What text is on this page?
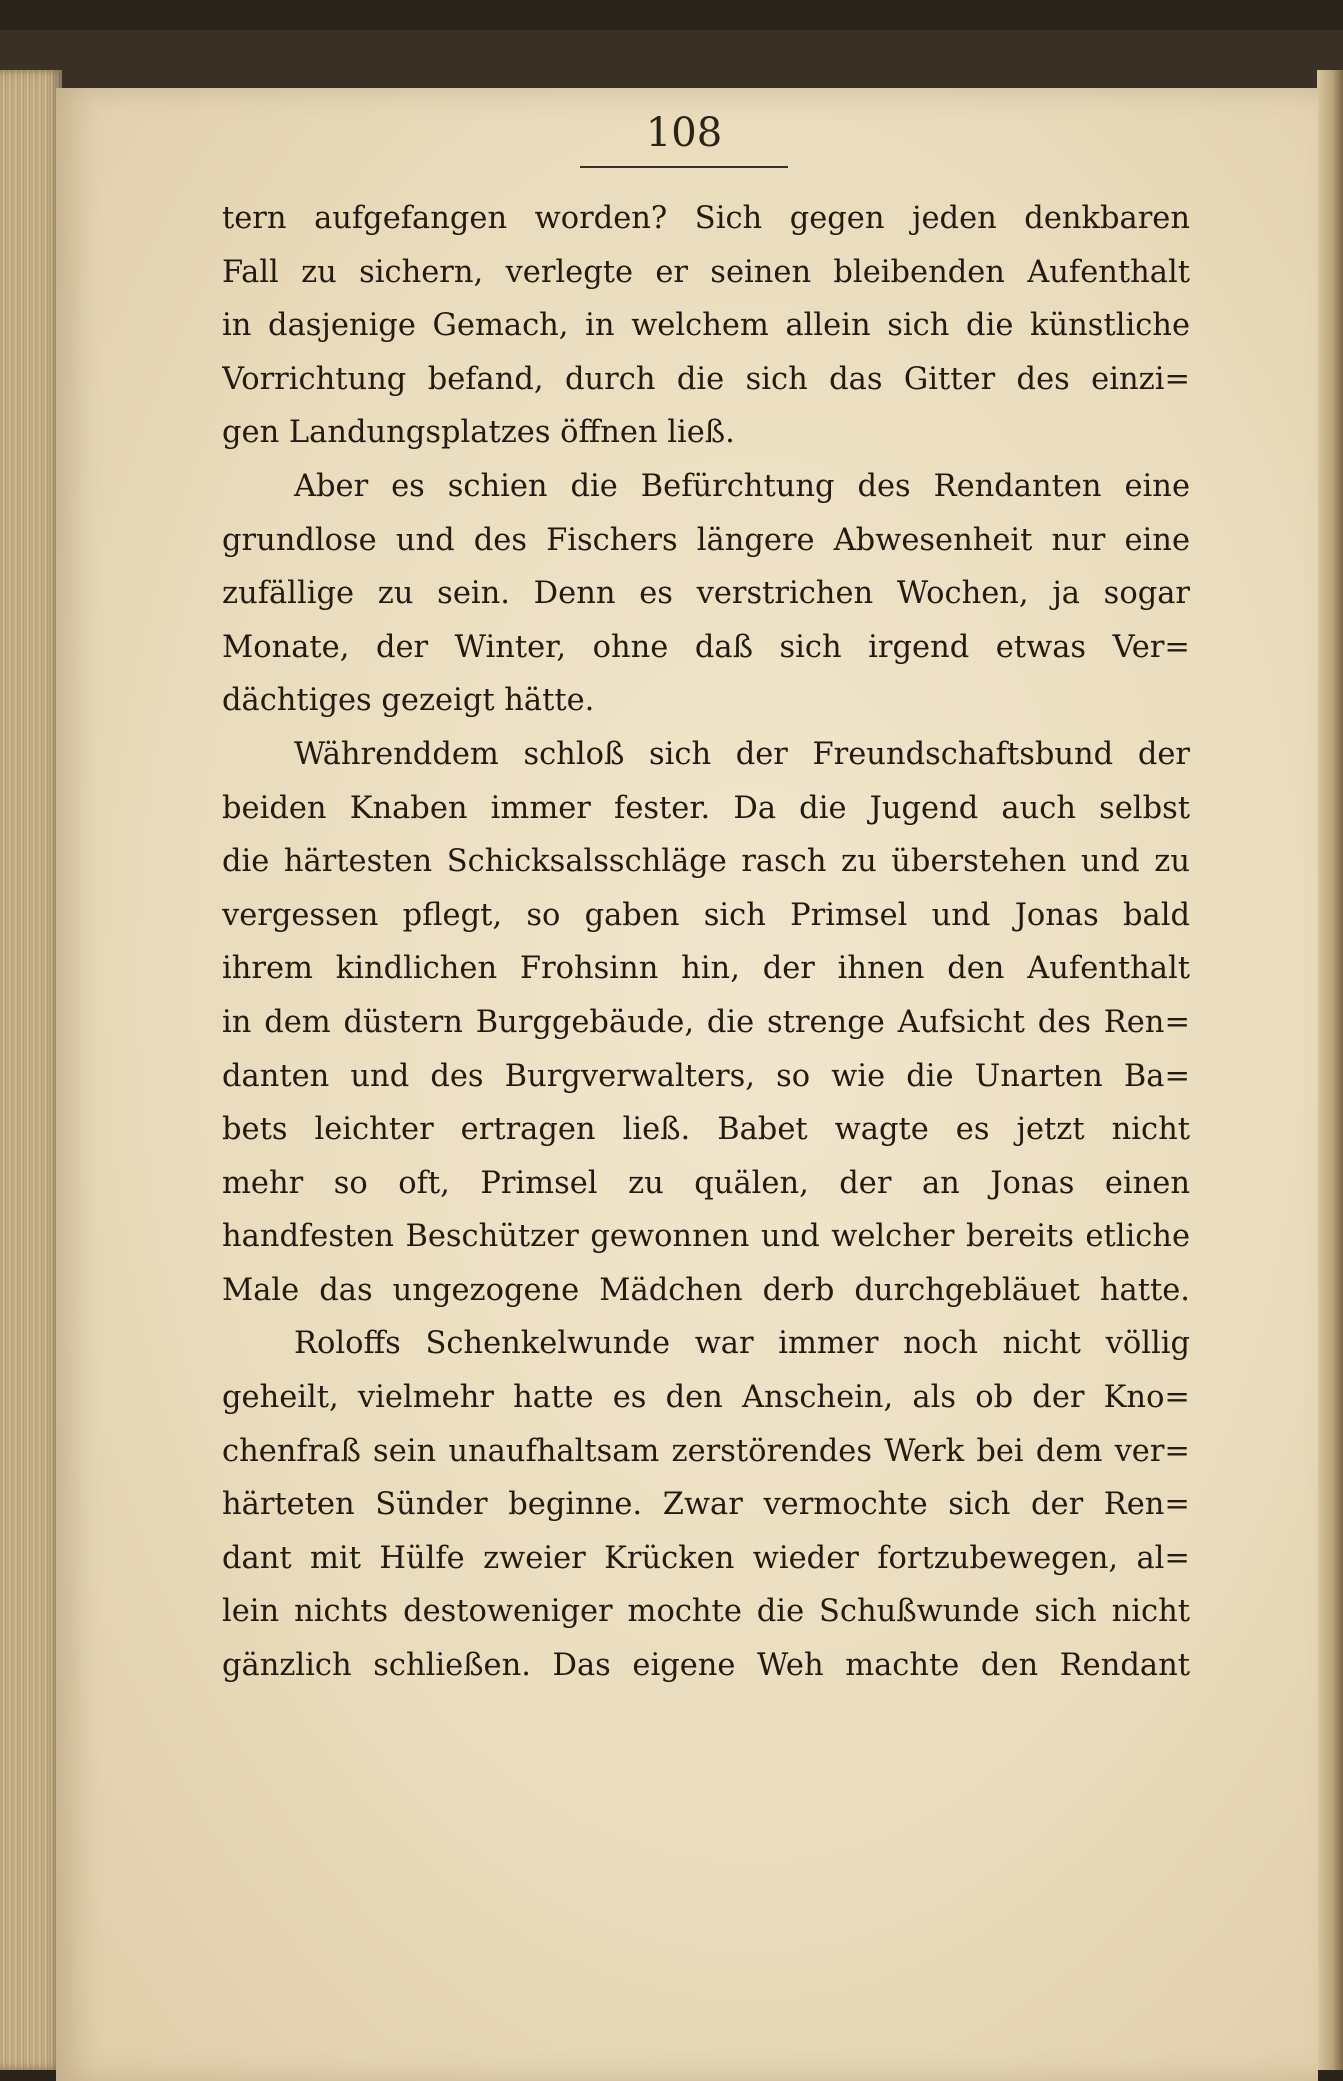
108
tern aufgefangen worden? Sich gegen jeden denkbaren
Fall zu sichern, verlegte er seinen bleibenden Aufenthalt
in dasjenige Gemach, in welchem allein sich die künstliche
Vorrichtung befand, durch die sich das Gitter des einzi=
gen Landungsplatzes öffnen ließ.
Aber es schien die Befürchtung des Rendanten eine
grundlose und des Fischers längere Abwesenheit nur eine
zufällige zu sein. Denn es verstrichen Wochen, ja sogar
Monate, der Winter, ohne daß sich irgend etwas Ver=
dächtiges gezeigt hätte.
Währenddem schloß sich der Freundschaftsbund der
beiden Knaben immer fester. Da die Jugend auch selbst
die härtesten Schicksalsschläge rasch zu überstehen und zu
vergessen pflegt, so gaben sich Primsel und Jonas bald
ihrem kindlichen Frohsinn hin, der ihnen den Aufenthalt
in dem düstern Burggebäude, die strenge Aufsicht des Ren=
danten und des Burgverwalters, so wie die Unarten Ba=
bets leichter ertragen ließ. Babet wagte es jetzt nicht
mehr so oft, Primsel zu quälen, der an Jonas einen
handfesten Beschützer gewonnen und welcher bereits etliche
Male das ungezogene Mädchen derb durchgebläuet hatte.
Roloffs Schenkelwunde war immer noch nicht völlig
geheilt, vielmehr hatte es den Anschein, als ob der Kno=
chenfraß sein unaufhaltsam zerstörendes Werk bei dem ver=
härteten Sünder beginne. Zwar vermochte sich der Ren=
dant mit Hülfe zweier Krücken wieder fortzubewegen, al=
lein nichts destoweniger mochte die Schußwunde sich nicht
gänzlich schließen. Das eigene Weh machte den Rendant
